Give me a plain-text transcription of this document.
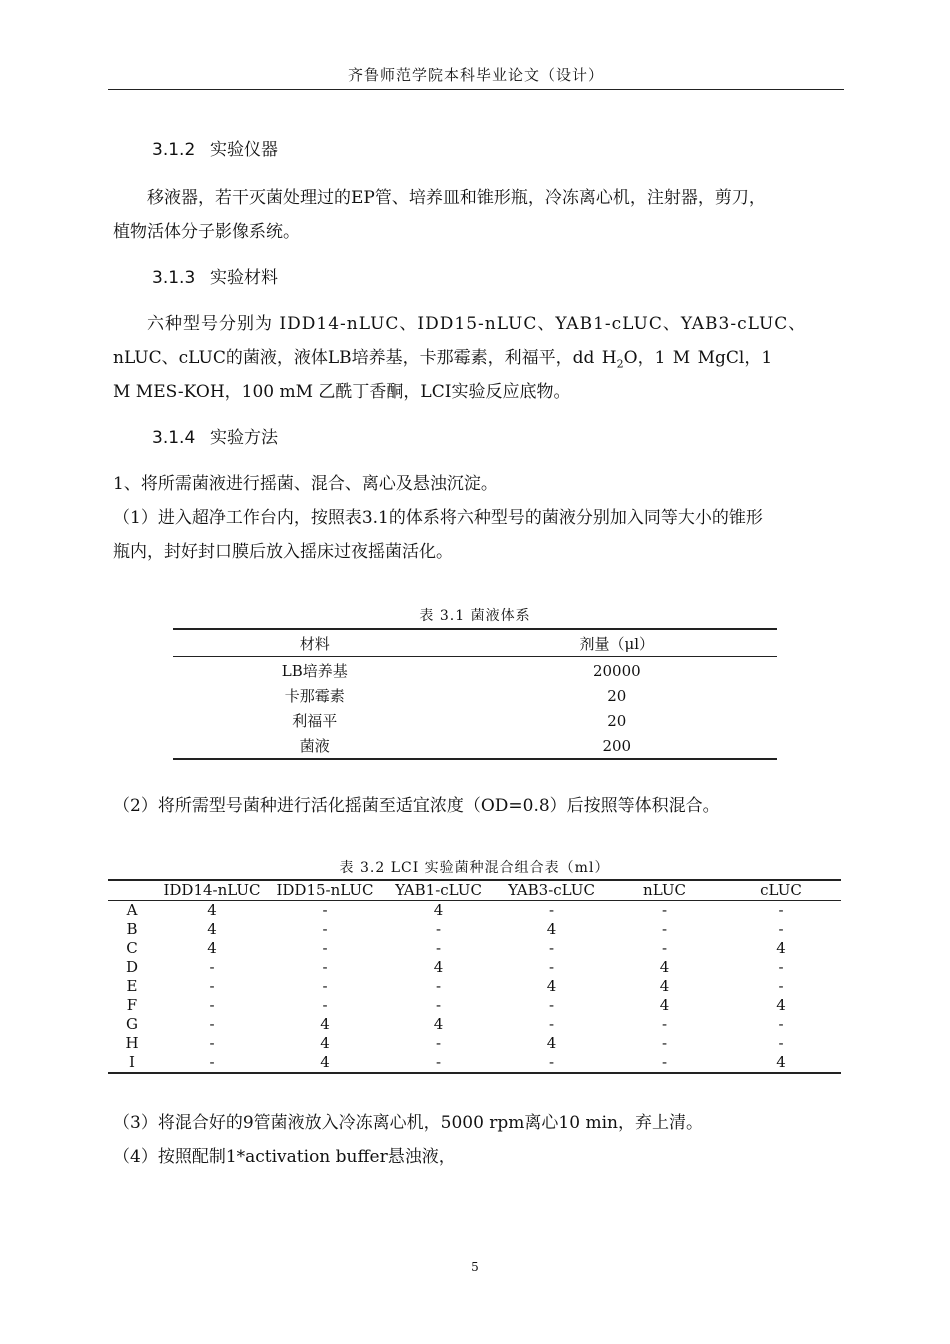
齐鲁师范学院本科毕业论文（设计）
3.1.2 实验仪器

移液器，若干灭菌处理过的EP管、培养皿和锥形瓶，冷冻离心机，注射器，剪刀，

植物活体分子影像系统。

3.1.3 实验材料

六种型号分别为 IDD14-nLUC、IDD15-nLUC、YAB1-cLUC、YAB3-cLUC、

nLUC、cLUC的菌液，液体LB培养基，卡那霉素，利福平，dd $H_2O$，1 M MgCl，1

M MES-KOH，100 mM 乙酰丁香酮，LCI实验反应底物。

3.1.4 实验方法

1、将所需菌液进行摇菌、混合、离心及悬浊沉淀。

（1）进入超净工作台内，按照表3.1的体系将六种型号的菌液分别加入同等大小的锥形

瓶内，封好封口膜后放入摇床过夜摇菌活化。

表 3.1 菌液体系
材料	剂量（μl）
LB培养基	20000
卡那霉素	20
利福平	20
菌液	200

（2）将所需型号菌种进行活化摇菌至适宜浓度（OD=0.8）后按照等体积混合。

表 3.2 LCI 实验菌种混合组合表（ml）
	IDD14-nLUC	IDD15-nLUC	YAB1-cLUC	YAB3-cLUC	nLUC	cLUC
A	4	-	4	-	-	-
B	4	-	-	4	-	-
C	4	-	-	-	-	4
D	-	-	4	-	4	-
E	-	-	-	4	4	-
F	-	-	-	-	4	4
G	-	4	4	-	-	-
H	-	4	-	4	-	-
I	-	4	-	-	-	4

（3）将混合好的9管菌液放入冷冻离心机，5000 rpm离心10 min，弃上清。

（4）按照配制1*activation buffer悬浊液，

5
